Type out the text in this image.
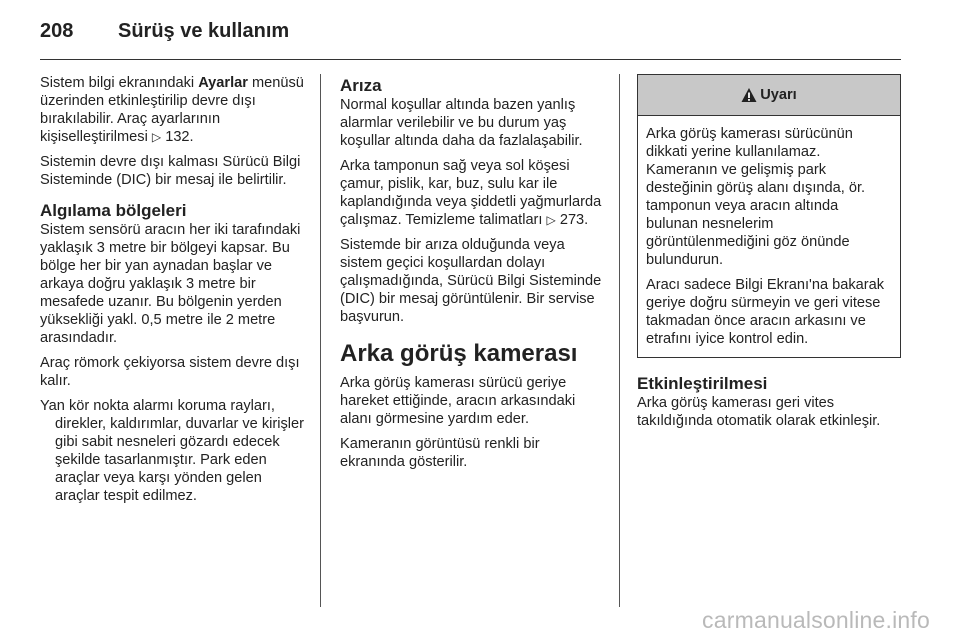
208	Sürüş ve kullanım

Sistem bilgi ekranındaki Ayarlar menüsü üzerinden etkinleştirilip devre dışı bırakılabilir. Araç ayarlarının kişiselleştirilmesi ▷ 132.

Sistemin devre dışı kalması Sürücü Bilgi Sisteminde (DIC) bir mesaj ile belirtilir.

Algılama bölgeleri

Sistem sensörü aracın her iki tarafındaki yaklaşık 3 metre bir bölgeyi kapsar. Bu bölge her bir yan aynadan başlar ve arkaya doğru yaklaşık 3 metre bir mesafede uzanır. Bu bölgenin yerden yüksekliği yakl. 0,5 metre ile 2 metre arasındadır.

Araç römork çekiyorsa sistem devre dışı kalır.

Yan kör nokta alarmı koruma rayları, direkler, kaldırımlar, duvarlar ve kirişler gibi sabit nesneleri gözardı edecek şekilde tasarlanmıştır. Park eden araçlar veya karşı yönden gelen araçlar tespit edilmez.

Arıza

Normal koşullar altında bazen yanlış alarmlar verilebilir ve bu durum yaş koşullar altında daha da fazlalaşabilir.

Arka tamponun sağ veya sol köşesi çamur, pislik, kar, buz, sulu kar ile kaplandığında veya şiddetli yağmurlarda çalışmaz. Temizleme talimatları ▷ 273.

Sistemde bir arıza olduğunda veya sistem geçici koşullardan dolayı çalışmadığında, Sürücü Bilgi Sisteminde (DIC) bir mesaj görüntülenir. Bir servise başvurun.

Arka görüş kamerası

Arka görüş kamerası sürücü geriye hareket ettiğinde, aracın arkasındaki alanı görmesine yardım eder.

Kameranın görüntüsü renkli bir ekranında gösterilir.

Uyarı

Arka görüş kamerası sürücünün dikkati yerine kullanılamaz. Kameranın ve gelişmiş park desteğinin görüş alanı dışında, ör. tamponun veya aracın altında bulunan nesnelerim görüntülenmediğini göz önünde bulundurun.

Aracı sadece Bilgi Ekranı'na bakarak geriye doğru sürmeyin ve geri vitese takmadan önce aracın arkasını ve etrafını iyice kontrol edin.

Etkinleştirilmesi

Arka görüş kamerası geri vites takıldığında otomatik olarak etkinleşir.

carmanualsonline.info
